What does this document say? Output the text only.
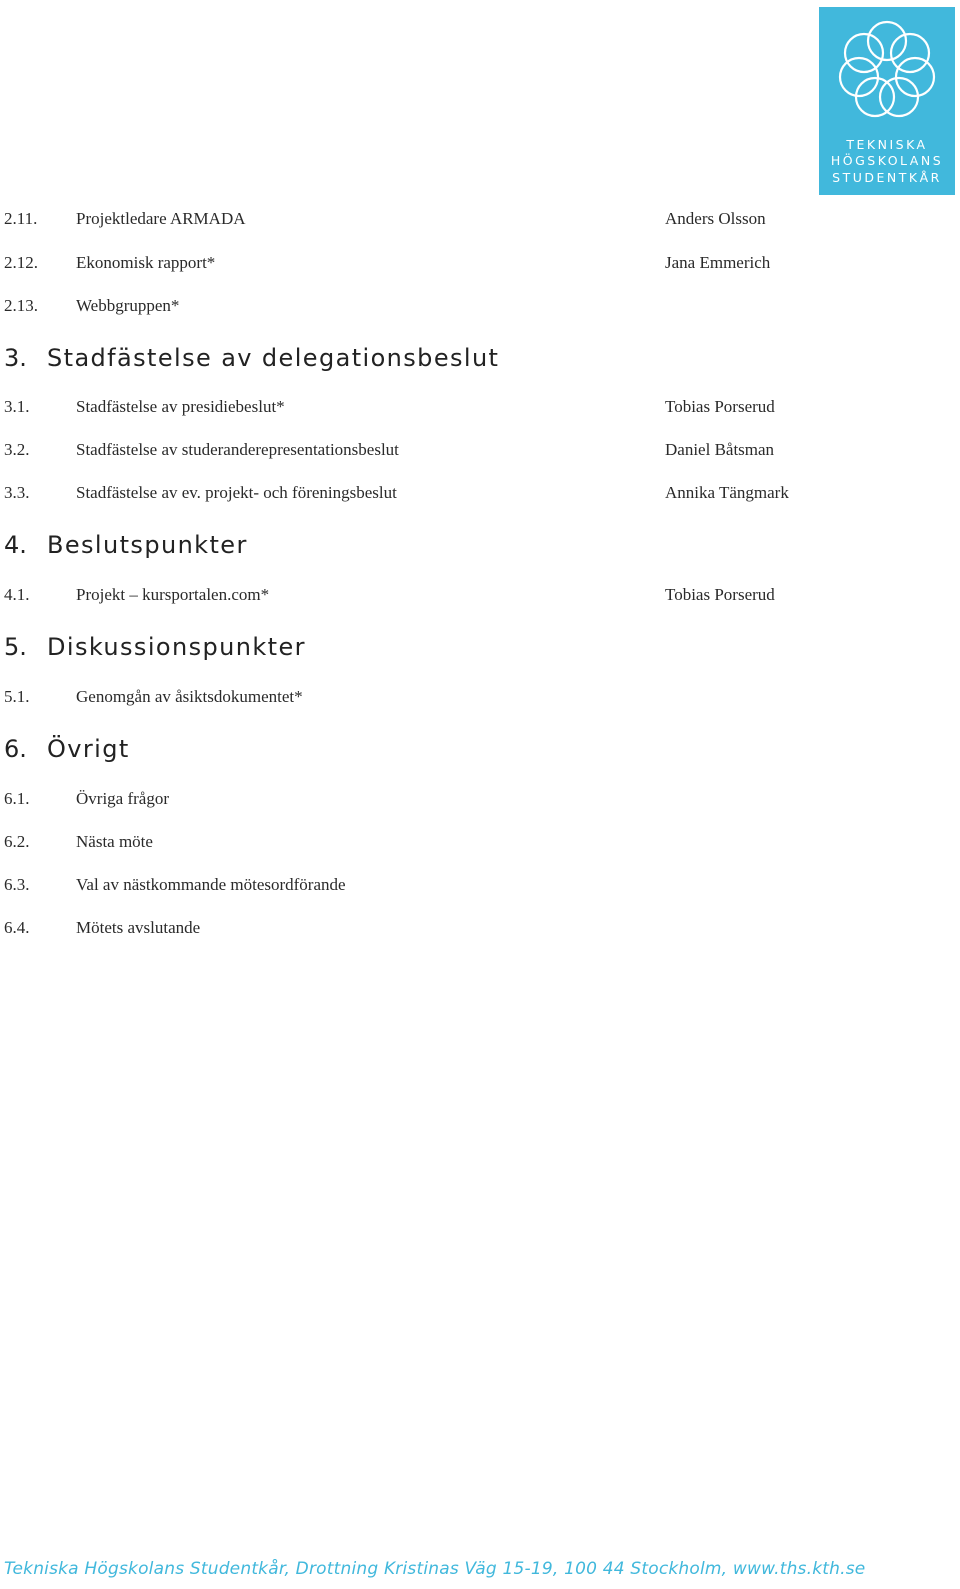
TEKNISKA
HÖGSKOLANS
STUDENTKÅR
2.11. Projektledare ARMADA	Anders Olsson
2.12. Ekonomisk rapport*	Jana Emmerich
2.13. Webbgruppen*
3. Stadfästelse av delegationsbeslut
3.1.	Stadfästelse av presidiebeslut*	Tobias Porserud
3.2.	Stadfästelse av studeranderepresentationsbeslut	Daniel Båtsman
3.3.	Stadfästelse av ev. projekt- och föreningsbeslut	Annika Tängmark
4. Beslutspunkter
4.1.	Projekt – kursportalen.com*	Tobias Porserud
5. Diskussionspunkter
5.1.	Genomgån av åsiktsdokumentet*
6. Övrigt
6.1.	Övriga frågor
6.2.	Nästa möte
6.3.	Val av nästkommande mötesordförande
6.4.	Mötets avslutande
Tekniska Högskolans Studentkår, Drottning Kristinas Väg 15-19, 100 44 Stockholm, www.ths.kth.se
